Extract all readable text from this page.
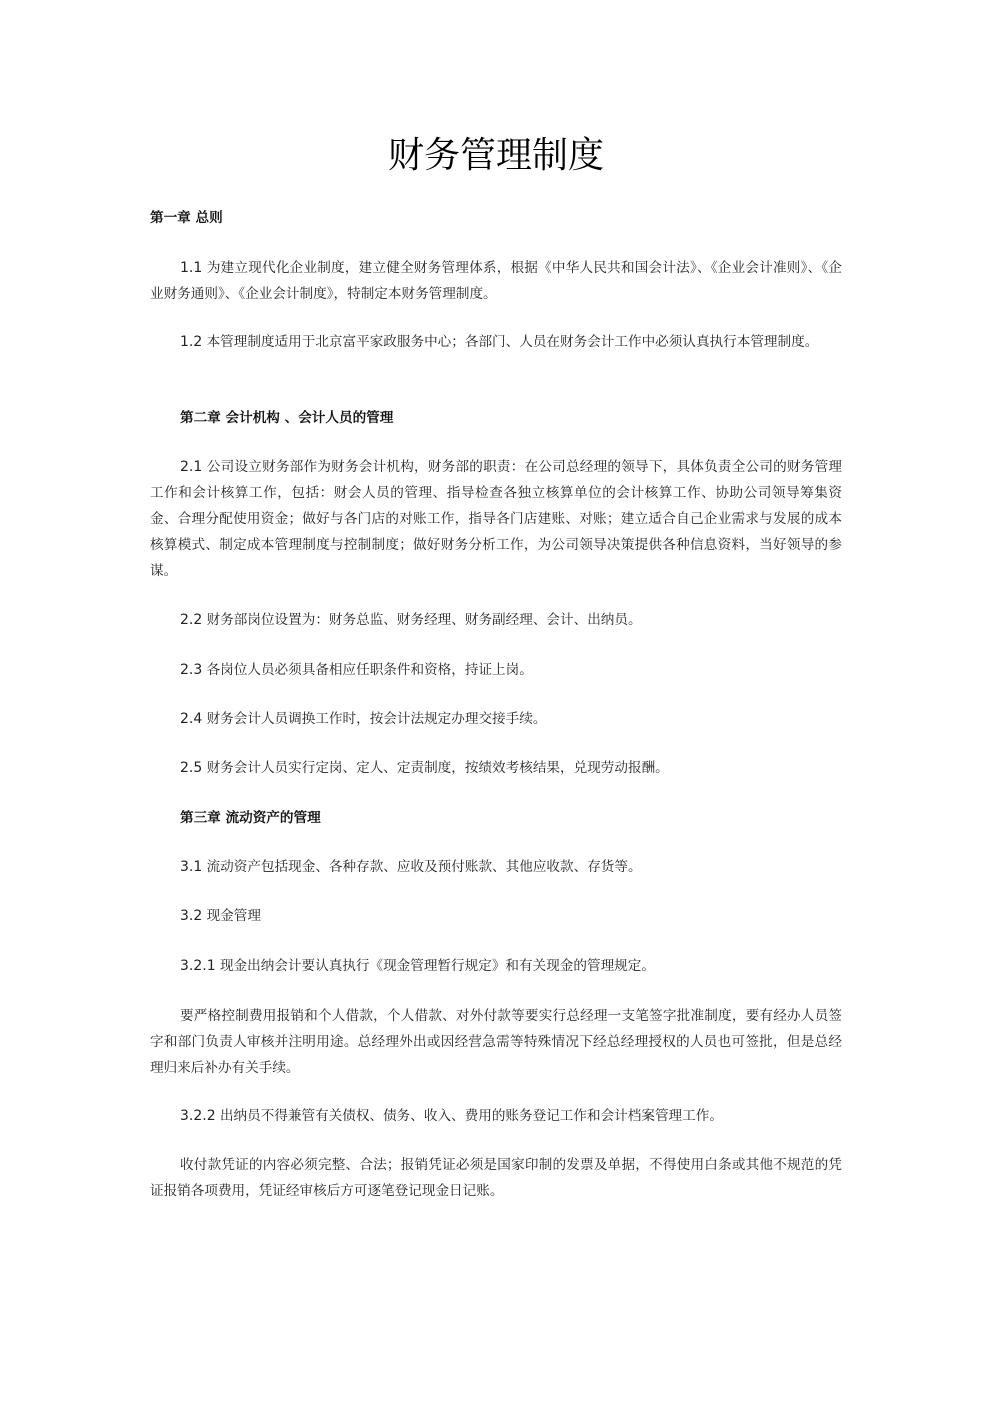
财务管理制度

第一章 总则

1.1 为建立现代化企业制度，建立健全财务管理体系，根据《中华人民共和国会计法》、《企业会计准则》、《企业财务通则》、《企业会计制度》，特制定本财务管理制度。

1.2 本管理制度适用于北京富平家政服务中心；各部门、人员在财务会计工作中必须认真执行本管理制度。

第二章 会计机构 、会计人员的管理

2.1 公司设立财务部作为财务会计机构，财务部的职责：在公司总经理的领导下，具体负责全公司的财务管理工作和会计核算工作，包括：财会人员的管理、指导检查各独立核算单位的会计核算工作、协助公司领导筹集资金、合理分配使用资金；做好与各门店的对账工作，指导各门店建账、对账；建立适合自己企业需求与发展的成本核算模式、制定成本管理制度与控制制度；做好财务分析工作，为公司领导决策提供各种信息资料，当好领导的参谋。

2.2 财务部岗位设置为：财务总监、财务经理、财务副经理、会计、出纳员。

2.3 各岗位人员必须具备相应任职条件和资格，持证上岗。

2.4 财务会计人员调换工作时，按会计法规定办理交接手续。

2.5 财务会计人员实行定岗、定人、定责制度，按绩效考核结果，兑现劳动报酬。

第三章 流动资产的管理

3.1 流动资产包括现金、各种存款、应收及预付账款、其他应收款、存货等。

3.2 现金管理

3.2.1 现金出纳会计要认真执行《现金管理暂行规定》和有关现金的管理规定。

要严格控制费用报销和个人借款，个人借款、对外付款等要实行总经理一支笔签字批准制度，要有经办人员签字和部门负责人审核并注明用途。总经理外出或因经营急需等特殊情况下经总经理授权的人员也可签批，但是总经理归来后补办有关手续。

3.2.2 出纳员不得兼管有关债权、债务、收入、费用的账务登记工作和会计档案管理工作。

收付款凭证的内容必须完整、合法；报销凭证必须是国家印制的发票及单据，不得使用白条或其他不规范的凭证报销各项费用，凭证经审核后方可逐笔登记现金日记账。
